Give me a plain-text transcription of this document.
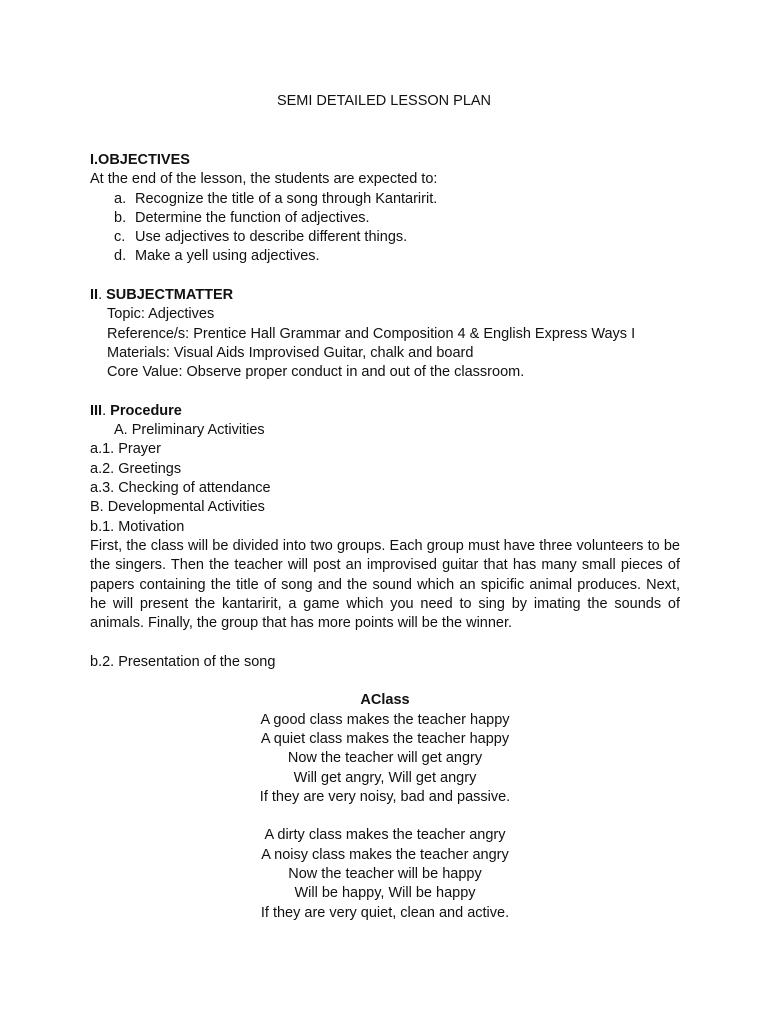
SEMI DETAILED LESSON PLAN
I.OBJECTIVES
At the end of the lesson, the students are expected to:
a. Recognize the title of a song through Kantaririt.
b. Determine the function of adjectives.
c. Use adjectives to describe different things.
d. Make a yell using adjectives.
II. SUBJECTMATTER
Topic: Adjectives
Reference/s: Prentice Hall Grammar and Composition 4 & English Express Ways I
Materials: Visual Aids Improvised Guitar, chalk and board
Core Value: Observe proper conduct in and out of the classroom.
III. Procedure
A. Preliminary Activities
a.1. Prayer
a.2. Greetings
a.3. Checking of attendance
B. Developmental Activities
b.1. Motivation
First, the class will be divided into two groups. Each group must have three volunteers to be the singers. Then the teacher will post an improvised guitar that has many small pieces of papers containing the title of song and the sound which an spicific animal produces. Next, he will present the kantaririt, a game which you need to sing by imating the sounds of animals. Finally, the group that has more points will be the winner.
b.2. Presentation of the song
AClass
A good class makes the teacher happy
A quiet class makes the teacher happy
Now the teacher will get angry
Will get angry, Will get angry
If they are very noisy, bad and passive.
A dirty class makes the teacher angry
A noisy class makes the teacher angry
Now the teacher will be happy
Will be happy, Will be happy
If they are very quiet, clean and active.
